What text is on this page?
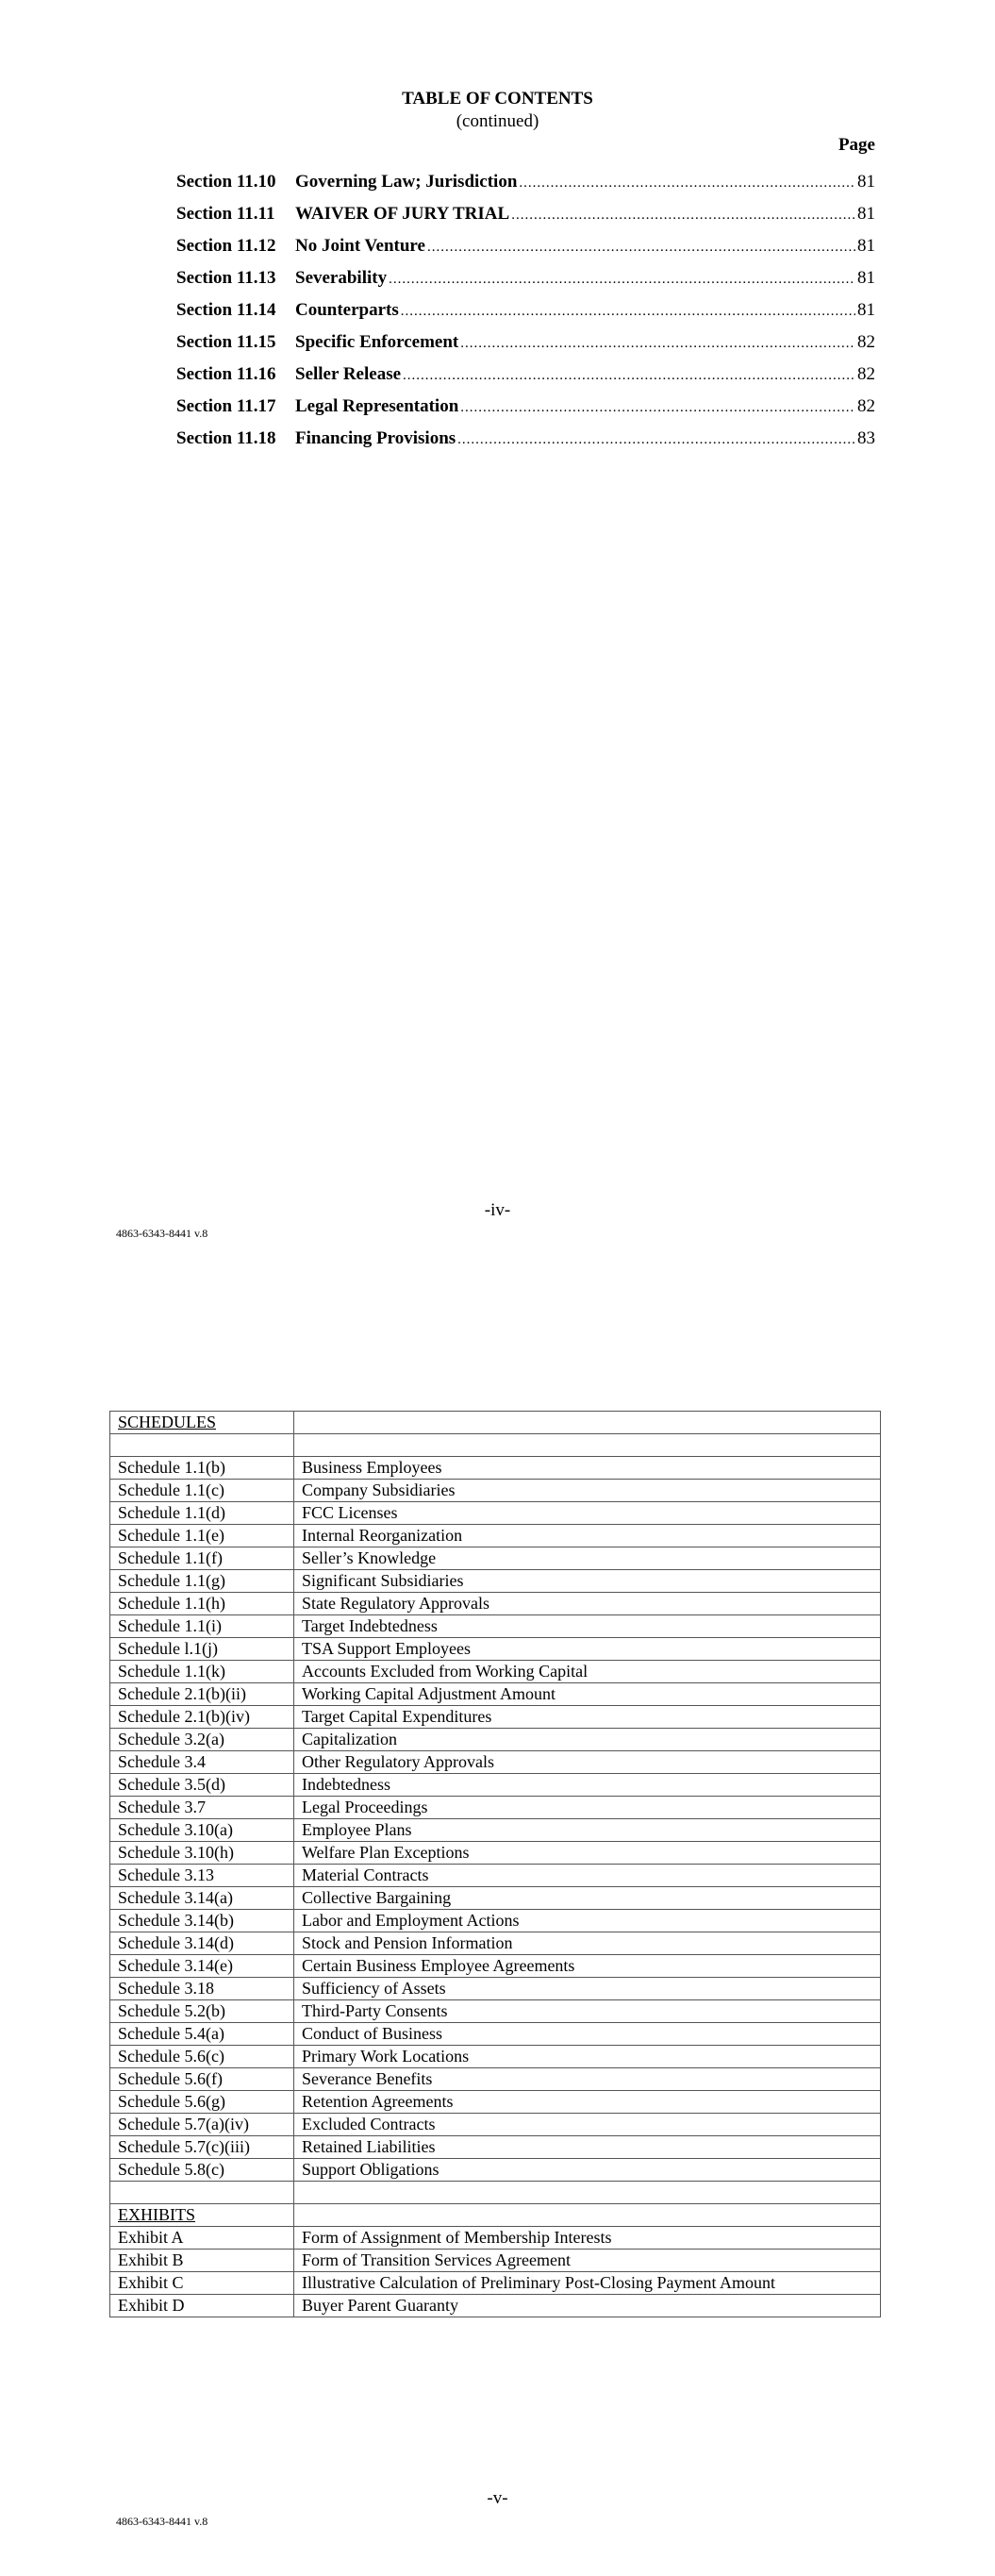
TABLE OF CONTENTS
(continued)
Page
Section 11.10	Governing Law; Jurisdiction .....	81
Section 11.11	WAIVER OF JURY TRIAL .....	81
Section 11.12	No Joint Venture .....	81
Section 11.13	Severability .....	81
Section 11.14	Counterparts .....	81
Section 11.15	Specific Enforcement .....	82
Section 11.16	Seller Release .....	82
Section 11.17	Legal Representation .....	82
Section 11.18	Financing Provisions .....	83
-iv-
4863-6343-8441 v.8
SCHEDULES	

Schedule 1.1(b)	Business Employees
Schedule 1.1(c)	Company Subsidiaries
Schedule 1.1(d)	FCC Licenses
Schedule 1.1(e)	Internal Reorganization
Schedule 1.1(f)	Seller’s Knowledge
Schedule 1.1(g)	Significant Subsidiaries
Schedule 1.1(h)	State Regulatory Approvals
Schedule 1.1(i)	Target Indebtedness
Schedule l.1(j)	TSA Support Employees
Schedule 1.1(k)	Accounts Excluded from Working Capital
Schedule 2.1(b)(ii)	Working Capital Adjustment Amount
Schedule 2.1(b)(iv)	Target Capital Expenditures
Schedule 3.2(a)	Capitalization
Schedule 3.4	Other Regulatory Approvals
Schedule 3.5(d)	Indebtedness
Schedule 3.7	Legal Proceedings
Schedule 3.10(a)	Employee Plans
Schedule 3.10(h)	Welfare Plan Exceptions
Schedule 3.13	Material Contracts
Schedule 3.14(a)	Collective Bargaining
Schedule 3.14(b)	Labor and Employment Actions
Schedule 3.14(d)	Stock and Pension Information
Schedule 3.14(e)	Certain Business Employee Agreements
Schedule 3.18	Sufficiency of Assets
Schedule 5.2(b)	Third-Party Consents
Schedule 5.4(a)	Conduct of Business
Schedule 5.6(c)	Primary Work Locations
Schedule 5.6(f)	Severance Benefits
Schedule 5.6(g)	Retention Agreements
Schedule 5.7(a)(iv)	Excluded Contracts
Schedule 5.7(c)(iii)	Retained Liabilities
Schedule 5.8(c)	Support Obligations

EXHIBITS	
Exhibit A	Form of Assignment of Membership Interests
Exhibit B	Form of Transition Services Agreement
Exhibit C	Illustrative Calculation of Preliminary Post-Closing Payment Amount
Exhibit D	Buyer Parent Guaranty
-v-
4863-6343-8441 v.8
